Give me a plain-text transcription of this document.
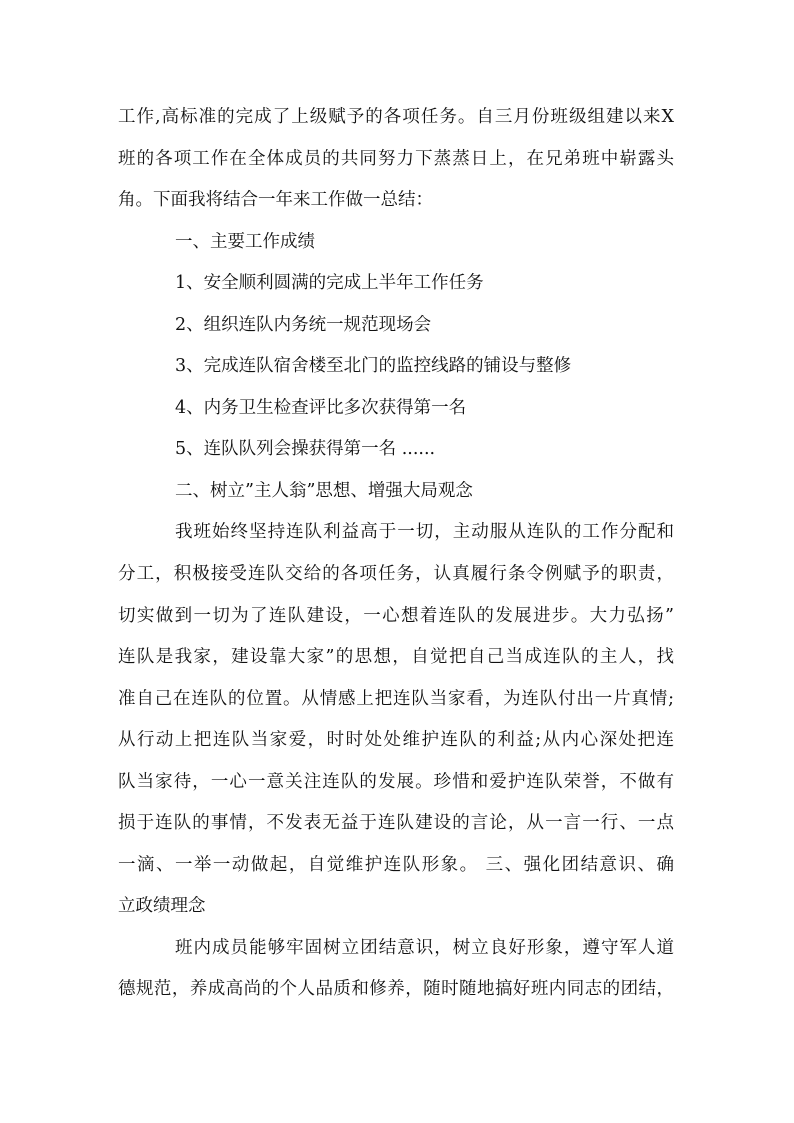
工作,高标准的完成了上级赋予的各项任务。自三月份班级组建以来X
班的各项工作在全体成员的共同努力下蒸蒸日上，在兄弟班中崭露头
角。下面我将结合一年来工作做一总结：
一、主要工作成绩
1、安全顺利圆满的完成上半年工作任务
2、组织连队内务统一规范现场会
3、完成连队宿舍楼至北门的监控线路的铺设与整修
4、内务卫生检查评比多次获得第一名
5、连队队列会操获得第一名 ......
二、树立”主人翁”思想、增强大局观念
我班始终坚持连队利益高于一切，主动服从连队的工作分配和
分工，积极接受连队交给的各项任务，认真履行条令例赋予的职责，
切实做到一切为了连队建设，一心想着连队的发展进步。大力弘扬”
连队是我家，建设靠大家”的思想，自觉把自己当成连队的主人，找
准自己在连队的位置。从情感上把连队当家看，为连队付出一片真情;
从行动上把连队当家爱，时时处处维护连队的利益;从内心深处把连
队当家待，一心一意关注连队的发展。珍惜和爱护连队荣誉，不做有
损于连队的事情，不发表无益于连队建设的言论，从一言一行、一点
一滴、一举一动做起，自觉维护连队形象。 三、强化团结意识、确
立政绩理念
班内成员能够牢固树立团结意识，树立良好形象，遵守军人道
德规范，养成高尚的个人品质和修养，随时随地搞好班内同志的团结，
